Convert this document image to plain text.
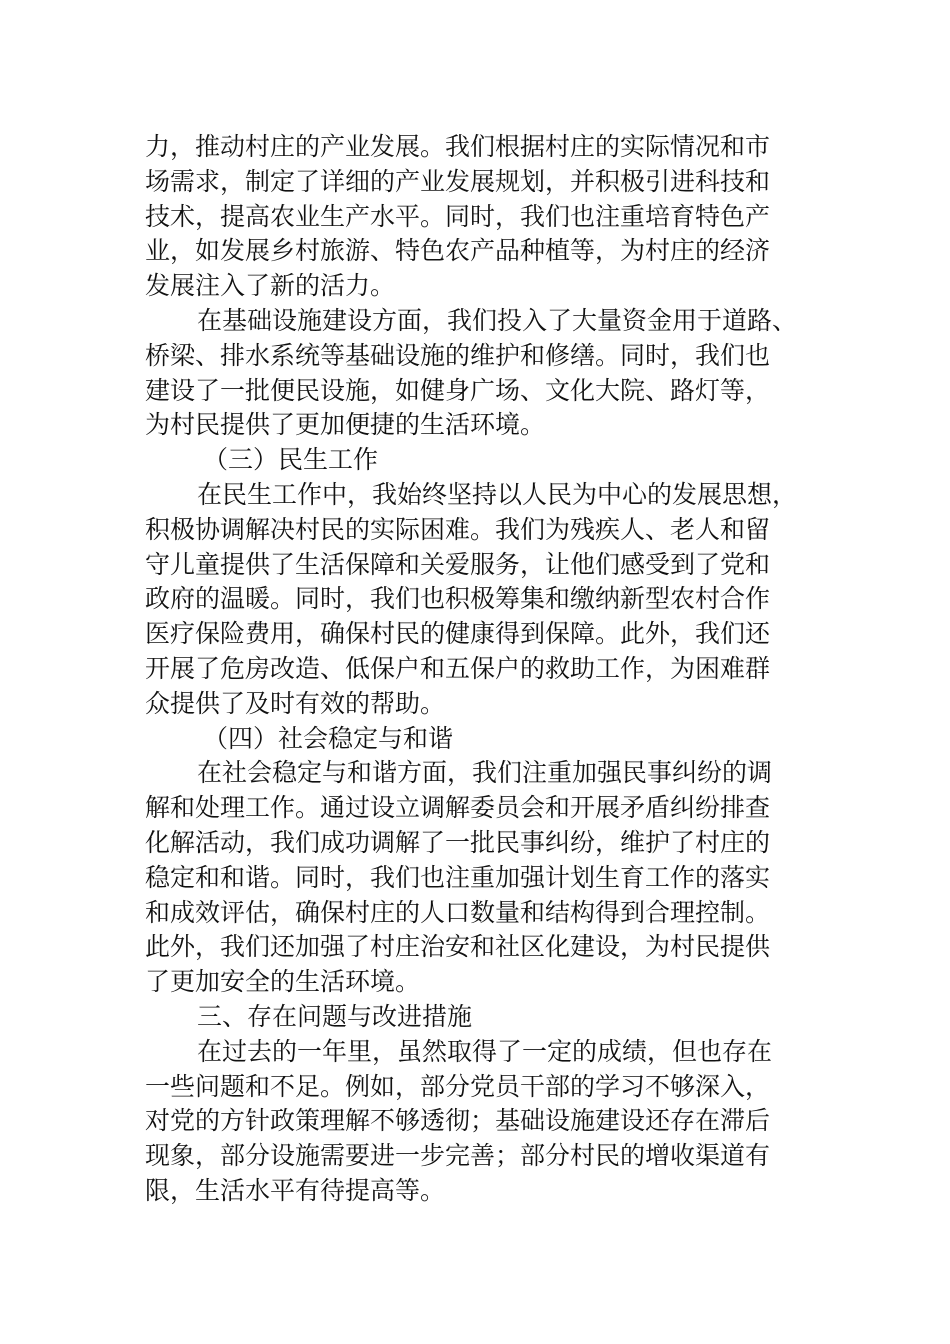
力，推动村庄的产业发展。我们根据村庄的实际情况和市
场需求，制定了详细的产业发展规划，并积极引进科技和
技术，提高农业生产水平。同时，我们也注重培育特色产
业，如发展乡村旅游、特色农产品种植等，为村庄的经济
发展注入了新的活力。
在基础设施建设方面，我们投入了大量资金用于道路、
桥梁、排水系统等基础设施的维护和修缮。同时，我们也
建设了一批便民设施，如健身广场、文化大院、路灯等，
为村民提供了更加便捷的生活环境。
（三）民生工作
在民生工作中，我始终坚持以人民为中心的发展思想，
积极协调解决村民的实际困难。我们为残疾人、老人和留
守儿童提供了生活保障和关爱服务，让他们感受到了党和
政府的温暖。同时，我们也积极筹集和缴纳新型农村合作
医疗保险费用，确保村民的健康得到保障。此外，我们还
开展了危房改造、低保户和五保户的救助工作，为困难群
众提供了及时有效的帮助。
（四）社会稳定与和谐
在社会稳定与和谐方面，我们注重加强民事纠纷的调
解和处理工作。通过设立调解委员会和开展矛盾纠纷排查
化解活动，我们成功调解了一批民事纠纷，维护了村庄的
稳定和和谐。同时，我们也注重加强计划生育工作的落实
和成效评估，确保村庄的人口数量和结构得到合理控制。
此外，我们还加强了村庄治安和社区化建设，为村民提供
了更加安全的生活环境。
三、存在问题与改进措施
在过去的一年里，虽然取得了一定的成绩，但也存在
一些问题和不足。例如，部分党员干部的学习不够深入，
对党的方针政策理解不够透彻；基础设施建设还存在滞后
现象，部分设施需要进一步完善；部分村民的增收渠道有
限，生活水平有待提高等。
